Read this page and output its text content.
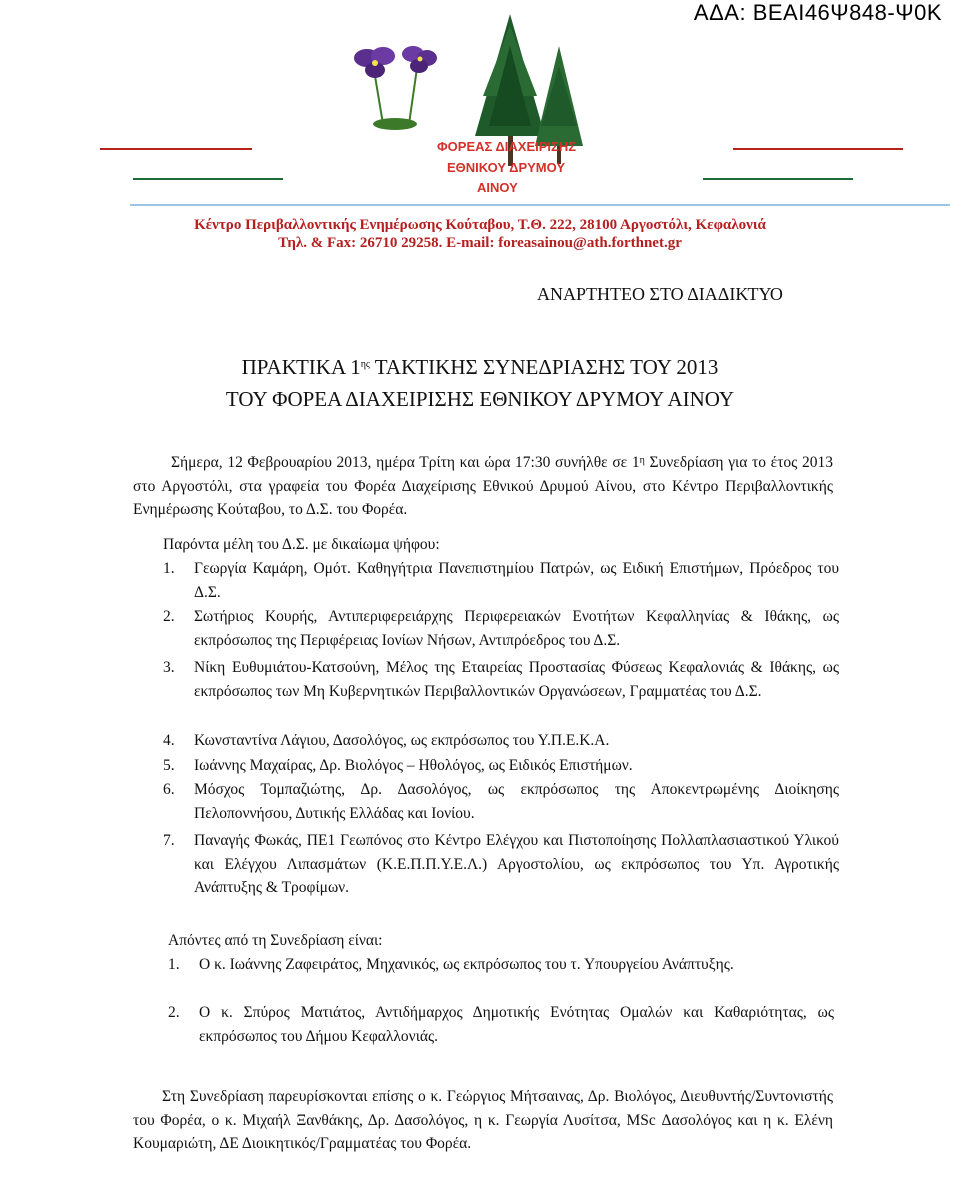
ΑΔΑ: ΒΕΑΙ46Ψ848-Ψ0Κ
ΦΟΡΕΑΣ ΔΙΑΧΕΙΡΙΣΗΣ
ΕΘΝΙΚΟΥ ΔΡΥΜΟΥ
ΑΙΝΟΥ
Κέντρο Περιβαλλοντικής Ενημέρωσης Κούταβου, Τ.Θ. 222, 28100 Αργοστόλι, Κεφαλονιά
Τηλ. & Fax: 26710 29258. E-mail: foreasainou@ath.forthnet.gr
ΑΝΑΡΤΗΤΕΟ ΣΤΟ ΔΙΑΔΙΚΤΥΟ
ΠΡΑΚΤΙΚΑ $1^{\eta\varsigma}$ ΤΑΚΤΙΚΗΣ ΣΥΝΕΔΡΙΑΣΗΣ ΤΟΥ 2013
ΤΟΥ ΦΟΡΕΑ ΔΙΑΧΕΙΡΙΣΗΣ ΕΘΝΙΚΟΥ ΔΡΥΜΟΥ ΑΙΝΟΥ
Σήμερα, 12 Φεβρουαρίου 2013, ημέρα Τρίτη και ώρα 17:30 συνήλθε σε $1^\eta$ Συνεδρίαση για το έτος 2013 στο Αργοστόλι, στα γραφεία του Φορέα Διαχείρισης Εθνικού Δρυμού Αίνου, στο Κέντρο Περιβαλλοντικής Ενημέρωσης Κούταβου, το Δ.Σ. του Φορέα.
Παρόντα μέλη του Δ.Σ. με δικαίωμα ψήφου:
1.	Γεωργία Καμάρη, Ομότ. Καθηγήτρια Πανεπιστημίου Πατρών, ως Ειδική Επιστήμων, Πρόεδρος του Δ.Σ.
2.	Σωτήριος Κουρής, Αντιπεριφερειάρχης Περιφερειακών Ενοτήτων Κεφαλληνίας & Ιθάκης, ως εκπρόσωπος της Περιφέρειας Ιονίων Νήσων, Αντιπρόεδρος του Δ.Σ.
3.	Νίκη Ευθυμιάτου-Κατσούνη, Μέλος της Εταιρείας Προστασίας Φύσεως Κεφαλονιάς & Ιθάκης, ως εκπρόσωπος των Μη Κυβερνητικών Περιβαλλοντικών Οργανώσεων, Γραμματέας του Δ.Σ.
4.	Κωνσταντίνα Λάγιου, Δασολόγος, ως εκπρόσωπος του Υ.Π.Ε.Κ.Α.
5.	Ιωάννης Μαχαίρας, Δρ. Βιολόγος – Ηθολόγος, ως Ειδικός Επιστήμων.
6.	Μόσχος Τομπαζιώτης, Δρ. Δασολόγος, ως εκπρόσωπος της Αποκεντρωμένης Διοίκησης Πελοποννήσου, Δυτικής Ελλάδας και Ιονίου.
7.	Παναγής Φωκάς, ΠΕ1 Γεωπόνος στο Κέντρο Ελέγχου και Πιστοποίησης Πολλαπλασιαστικού Υλικού και Ελέγχου Λιπασμάτων (Κ.Ε.Π.Π.Υ.Ε.Λ.) Αργοστολίου, ως εκπρόσωπος του Υπ. Αγροτικής Ανάπτυξης & Τροφίμων.
Απόντες από τη Συνεδρίαση είναι:
1.	Ο κ. Ιωάννης Ζαφειράτος, Μηχανικός, ως εκπρόσωπος του τ. Υπουργείου Ανάπτυξης.
2.	Ο κ. Σπύρος Ματιάτος, Αντιδήμαρχος Δημοτικής Ενότητας Ομαλών και Καθαριότητας, ως εκπρόσωπος του Δήμου Κεφαλλονιάς.
Στη Συνεδρίαση παρευρίσκονται επίσης ο κ. Γεώργιος Μήτσαινας, Δρ. Βιολόγος, Διευθυντής/Συντονιστής του Φορέα, ο κ. Μιχαήλ Ξανθάκης, Δρ. Δασολόγος, η κ. Γεωργία Λυσίτσα, MSc Δασολόγος και η κ. Ελένη Κουμαριώτη, ΔΕ Διοικητικός/Γραμματέας του Φορέα.
